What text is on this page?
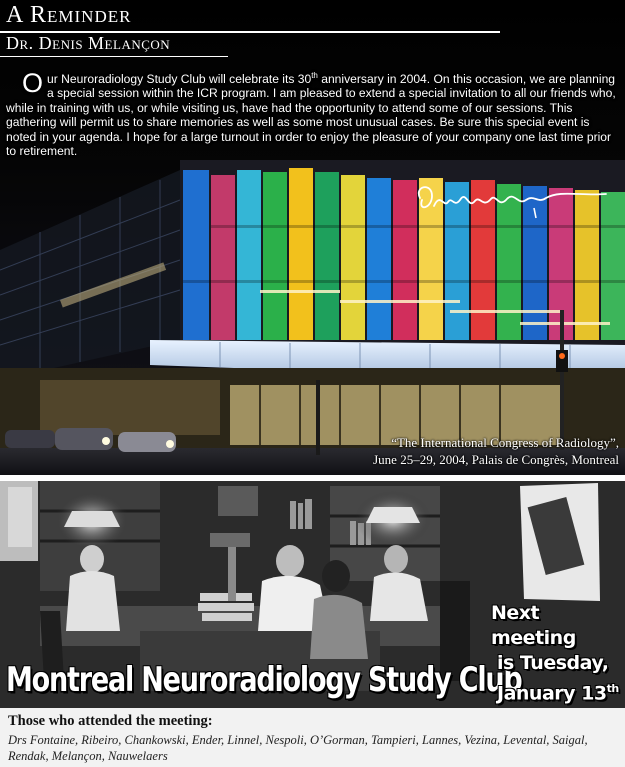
A Reminder
Dr. Denis Melançon
Our Neuroradiology Study Club will celebrate its 30th anniversary in 2004. On this occasion, we are planning a special session within the ICR program. I am pleased to extend a special invitation to all our friends who, while in training with us, or while visiting us, have had the opportunity to attend some of our sessions. This gathering will permit us to share memories as well as some most unusual cases. Be sure this special event is noted in your agenda. I hope for a large turnout in order to enjoy the pleasure of your company one last time prior to retirement.
“The International Congress of Radiology”,
June 25–29, 2004, Palais de Congrès, Montreal
Montreal Neuroradiology Study Club
Next meeting
is Tuesday,
January 13th
Those who attended the meeting:
Drs Fontaine, Ribeiro, Chankowski, Ender, Linnel, Nespoli, O’Gorman, Tampieri, Lannes, Vezina, Levental, Saigal, Rendak, Melançon, Nauwelaers
